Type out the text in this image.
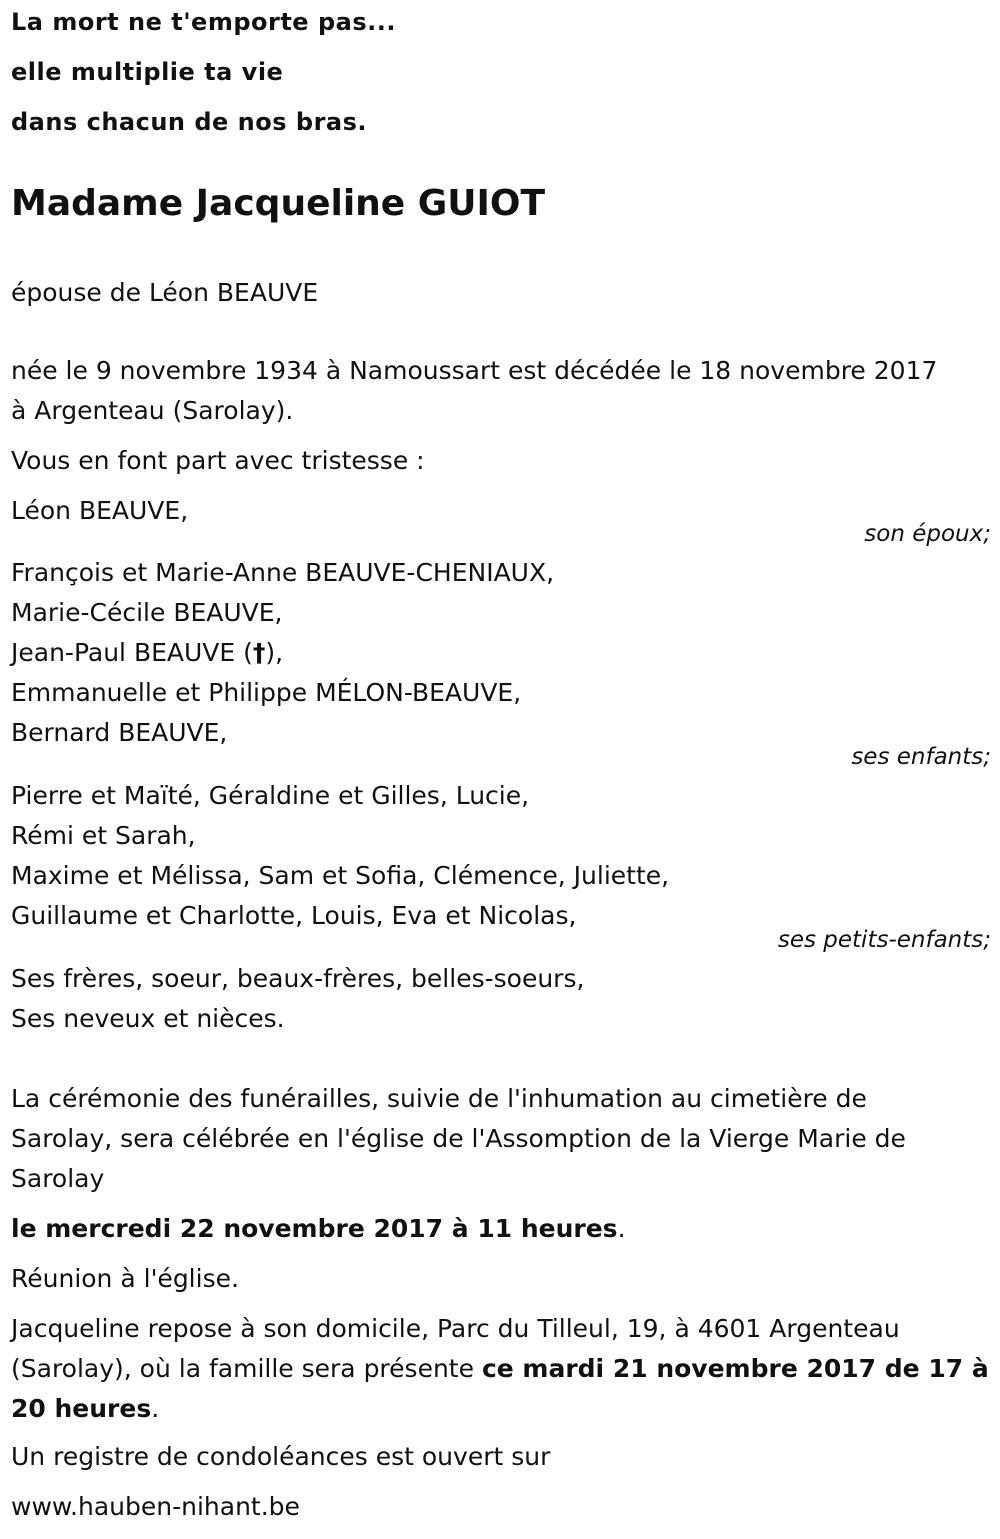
La mort ne t'emporte pas...
elle multiplie ta vie
dans chacun de nos bras.
Madame Jacqueline GUIOT
épouse de Léon BEAUVE
née le 9 novembre 1934 à Namoussart est décédée le 18 novembre 2017
à Argenteau (Sarolay).
Vous en font part avec tristesse :
Léon BEAUVE,
son époux;
François et Marie-Anne BEAUVE-CHENIAUX,
Marie-Cécile BEAUVE,
Jean-Paul BEAUVE (†),
Emmanuelle et Philippe MÉLON-BEAUVE,
Bernard BEAUVE,
ses enfants;
Pierre et Maïté, Géraldine et Gilles, Lucie,
Rémi et Sarah,
Maxime et Mélissa, Sam et Sofia, Clémence, Juliette,
Guillaume et Charlotte, Louis, Eva et Nicolas,
ses petits-enfants;
Ses frères, soeur, beaux-frères, belles-soeurs,
Ses neveux et nièces.
La cérémonie des funérailles, suivie de l'inhumation au cimetière de
Sarolay, sera célébrée en l'église de l'Assomption de la Vierge Marie de
Sarolay
le mercredi 22 novembre 2017 à 11 heures.
Réunion à l'église.
Jacqueline repose à son domicile, Parc du Tilleul, 19, à 4601 Argenteau
(Sarolay), où la famille sera présente ce mardi 21 novembre 2017 de 17 à
20 heures.
Un registre de condoléances est ouvert sur
www.hauben-nihant.be
